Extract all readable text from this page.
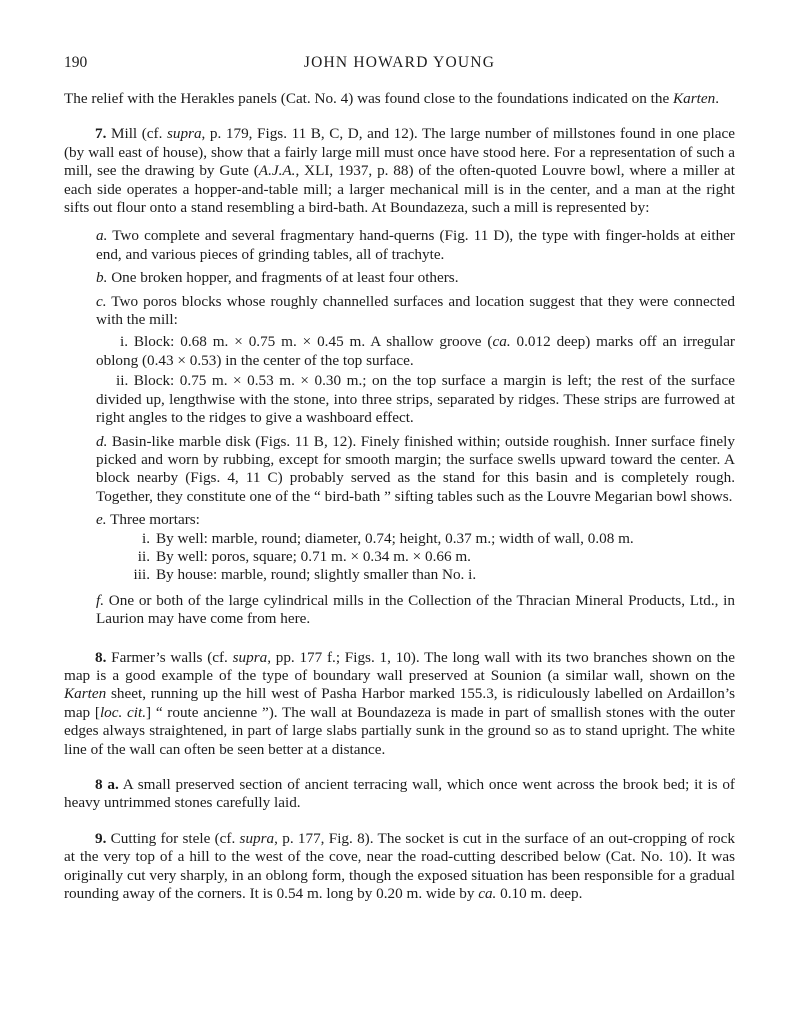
190	JOHN HOWARD YOUNG

The relief with the Herakles panels (Cat. No. 4) was found close to the foundations indicated on the Karten.

7. Mill (cf. supra, p. 179, Figs. 11 B, C, D, and 12). The large number of millstones found in one place (by wall east of house), show that a fairly large mill must once have stood here. For a representation of such a mill, see the drawing by Gute (A.J.A., XLI, 1937, p. 88) of the often-quoted Louvre bowl, where a miller at each side operates a hopper-and-table mill; a larger mechanical mill is in the center, and a man at the right sifts out flour onto a stand resembling a bird-bath. At Boundazeza, such a mill is represented by:

a. Two complete and several fragmentary hand-querns (Fig. 11 D), the type with finger-holds at either end, and various pieces of grinding tables, all of trachyte.

b. One broken hopper, and fragments of at least four others.

c. Two poros blocks whose roughly channelled surfaces and location suggest that they were connected with the mill:

i. Block: 0.68 m. × 0.75 m. × 0.45 m. A shallow groove (ca. 0.012 deep) marks off an irregular oblong (0.43 × 0.53) in the center of the top surface.

ii. Block: 0.75 m. × 0.53 m. × 0.30 m.; on the top surface a margin is left; the rest of the surface divided up, lengthwise with the stone, into three strips, separated by ridges. These strips are furrowed at right angles to the ridges to give a washboard effect.

d. Basin-like marble disk (Figs. 11 B, 12). Finely finished within; outside roughish. Inner surface finely picked and worn by rubbing, except for smooth margin; the surface swells upward toward the center. A block nearby (Figs. 4, 11 C) probably served as the stand for this basin and is completely rough. Together, they constitute one of the “ bird-bath ” sifting tables such as the Louvre Megarian bowl shows.

e. Three mortars:

i. By well: marble, round; diameter, 0.74; height, 0.37 m.; width of wall, 0.08 m.
ii. By well: poros, square; 0.71 m. × 0.34 m. × 0.66 m.
iii. By house: marble, round; slightly smaller than No. i.

f. One or both of the large cylindrical mills in the Collection of the Thracian Mineral Products, Ltd., in Laurion may have come from here.

8. Farmer’s walls (cf. supra, pp. 177 f.; Figs. 1, 10). The long wall with its two branches shown on the map is a good example of the type of boundary wall preserved at Sounion (a similar wall, shown on the Karten sheet, running up the hill west of Pasha Harbor marked 155.3, is ridiculously labelled on Ardaillon’s map [loc. cit.] “ route ancienne ”). The wall at Boundazeza is made in part of smallish stones with the outer edges always straightened, in part of large slabs partially sunk in the ground so as to stand upright. The white line of the wall can often be seen better at a distance.

8 a. A small preserved section of ancient terracing wall, which once went across the brook bed; it is of heavy untrimmed stones carefully laid.

9. Cutting for stele (cf. supra, p. 177, Fig. 8). The socket is cut in the surface of an out-cropping of rock at the very top of a hill to the west of the cove, near the road-cutting described below (Cat. No. 10). It was originally cut very sharply, in an oblong form, though the exposed situation has been responsible for a gradual rounding away of the corners. It is 0.54 m. long by 0.20 m. wide by ca. 0.10 m. deep.
